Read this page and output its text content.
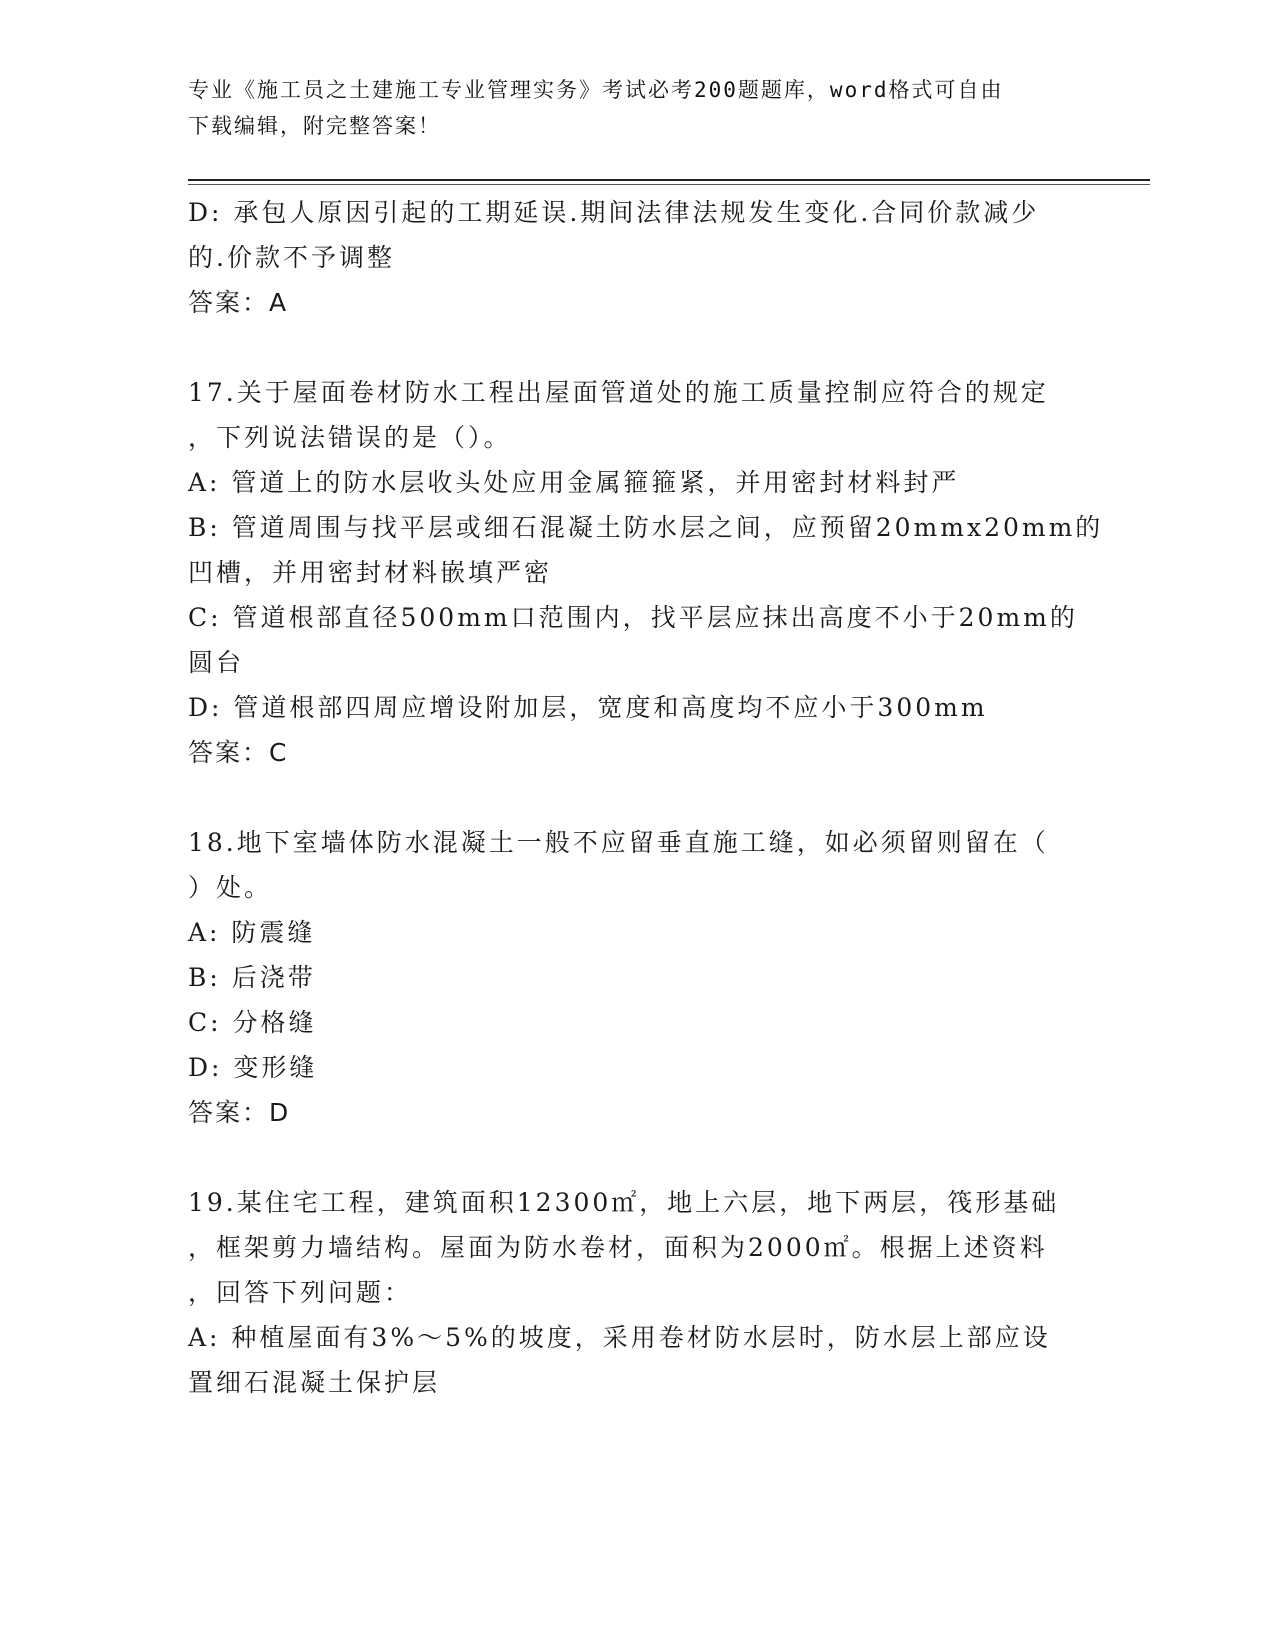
专业《施工员之土建施工专业管理实务》考试必考200题题库，word格式可自由
下载编辑，附完整答案！
D: 承包人原因引起的工期延误.期间法律法规发生变化.合同价款减少
的.价款不予调整
答案：A
17.关于屋面卷材防水工程出屋面管道处的施工质量控制应符合的规定
，下列说法错误的是（）。
A: 管道上的防水层收头处应用金属箍箍紧，并用密封材料封严
B: 管道周围与找平层或细石混凝土防水层之间，应预留20mmx20mm的
凹槽，并用密封材料嵌填严密
C: 管道根部直径500mm口范围内，找平层应抹出高度不小于20mm的
圆台
D: 管道根部四周应增设附加层，宽度和高度均不应小于300mm
答案：C
18.地下室墙体防水混凝土一般不应留垂直施工缝，如必须留则留在（
）处。
A: 防震缝
B: 后浇带
C: 分格缝
D: 变形缝
答案：D
19.某住宅工程，建筑面积12300㎡，地上六层，地下两层，筏形基础
，框架剪力墙结构。屋面为防水卷材，面积为2000㎡。根据上述资料
，回答下列问题：
A: 种植屋面有3%～5%的坡度，采用卷材防水层时，防水层上部应设
置细石混凝土保护层
